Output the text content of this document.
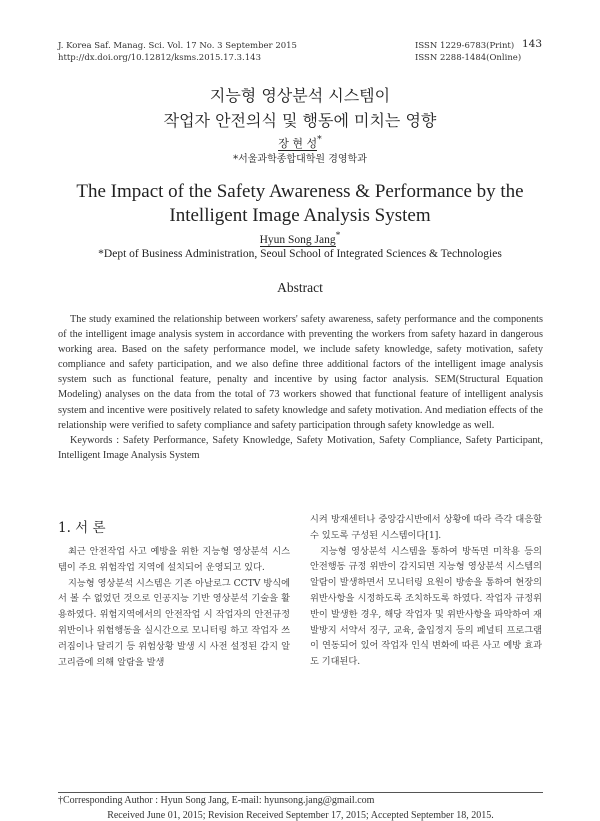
J. Korea Saf. Manag. Sci. Vol. 17 No. 3 September 2015
http://dx.doi.org/10.12812/ksms.2015.17.3.143
ISSN 1229-6783(Print)
ISSN 2288-1484(Online)
143
지능형 영상분석 시스템이
작업자 안전의식 및 행동에 미치는 영향
장 현 성*
*서울과학종합대학원 경영학과
The Impact of the Safety Awareness & Performance by the
Intelligent Image Analysis System
Hyun Song Jang*
*Dept of Business Administration, Seoul School of Integrated Sciences & Technologies
Abstract

The study examined the relationship between workers' safety awareness, safety performance and the components of the intelligent image analysis system in accordance with preventing the workers from safety hazard in dangerous working area. Based on the safety performance model, we include safety knowledge, safety motivation, safety compliance and safety participation, and we also define three additional factors of the intelligent image analysis system such as functional feature, penalty and incentive by using factor analysis. SEM(Structural Equation Modeling) analyses on the data from the total of 73 workers showed that functional feature of intelligent analysis system and incentive were positively related to safety knowledge and safety motivation. And mediation effects of the relationship were verified to safety compliance and safety participation through safety knowledge as well.

Keywords : Safety Performance, Safety Knowledge, Safety Motivation, Safety Compliance, Safety Participant, Intelligent Image Analysis System

1. 서 론

최근 안전작업 사고 예방을 위한 지능형 영상분석 시스템이 주요 위험작업 지역에 설치되어 운영되고 있다.

지능형 영상분석 시스템은 기존 아날로그 CCTV 방식에서 볼 수 없었던 것으로 인공지능 기반 영상분석 기술을 활용하였다. 위험지역에서의 안전작업 시 작업자의 안전규정 위반이나 위험행동을 실시간으로 모니터링 하고 작업자 쓰러짐이나 달리기 등 위험상황 발생 시 사전 설정된 감지 알고리즘에 의해 알람을 발생

시켜 방재센터나 중앙감시반에서 상황에 따라 즉각 대응할 수 있도록 구성된 시스템이다[1].

지능형 영상분석 시스템을 통하여 방독면 미착용 등의 안전행동 규정 위반이 감지되면 지능형 영상분석 시스템의 알람이 발생하면서 모니터링 요원이 방송을 통하여 현장의 위반사항을 시정하도록 조치하도록 하였다. 작업자 규정위반이 발생한 경우, 해당 작업자 및 위반사항을 파악하여 재발방지 서약서 징구, 교육, 출입정지 등의 페널티 프로그램이 연동되어 있어 작업자 인식 변화에 따른 사고 예방 효과도 기대된다.

†Corresponding Author : Hyun Song Jang, E-mail: hyunsong.jang@gmail.com
Received June 01, 2015; Revision Received September 17, 2015; Accepted September 18, 2015.
